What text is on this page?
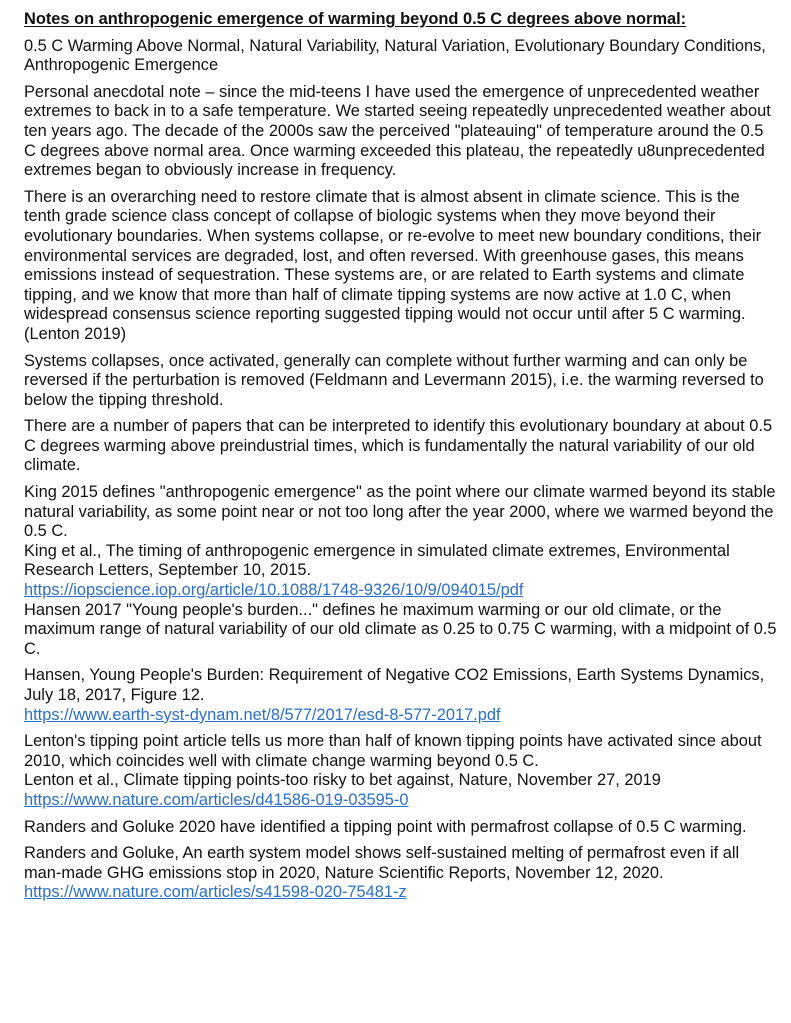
Notes on anthropogenic emergence of warming beyond 0.5 C degrees above normal:

0.5 C Warming Above Normal, Natural Variability, Natural Variation, Evolutionary Boundary Conditions, Anthropogenic Emergence

Personal anecdotal note – since the mid-teens I have used the emergence of unprecedented weather extremes to back in to a safe temperature. We started seeing repeatedly unprecedented weather about ten years ago. The decade of the 2000s saw the perceived "plateauing" of temperature around the 0.5 C degrees above normal area. Once warming exceeded this plateau, the repeatedly u8unprecedented extremes began to obviously increase in frequency.

There is an overarching need to restore climate that is almost absent in climate science. This is the tenth grade science class concept of collapse of biologic systems when they move beyond their evolutionary boundaries. When systems collapse, or re-evolve to meet new boundary conditions, their environmental services are degraded, lost, and often reversed. With greenhouse gases, this means emissions instead of sequestration. These systems are, or are related to Earth systems and climate tipping, and we know that more than half of climate tipping systems are now active at 1.0 C, when widespread consensus science reporting suggested tipping would not occur until after 5 C warming. (Lenton 2019)

Systems collapses, once activated, generally can complete without further warming and can only be reversed if the perturbation is removed (Feldmann and Levermann 2015), i.e. the warming reversed to below the tipping threshold.

There are a number of papers that can be interpreted to identify this evolutionary boundary at about 0.5 C degrees warming above preindustrial times, which is fundamentally the natural variability of our old climate.

King 2015 defines "anthropogenic emergence" as the point where our climate warmed beyond its stable natural variability, as some point near or not too long after the year 2000, where we warmed beyond the 0.5 C.

King et al., The timing of anthropogenic emergence in simulated climate extremes, Environmental Research Letters, September 10, 2015.

https://iopscience.iop.org/article/10.1088/1748-9326/10/9/094015/pdf

Hansen 2017 "Young people's burden..." defines he maximum warming or our old climate, or the maximum range of natural variability of our old climate as 0.25 to 0.75 C warming, with a midpoint of 0.5 C.

Hansen, Young People's Burden: Requirement of Negative CO2 Emissions, Earth Systems Dynamics, July 18, 2017, Figure 12.

https://www.earth-syst-dynam.net/8/577/2017/esd-8-577-2017.pdf

Lenton's tipping point article tells us more than half of known tipping points have activated since about 2010, which coincides well with climate change warming beyond 0.5 C.

Lenton et al., Climate tipping points-too risky to bet against, Nature, November 27, 2019

https://www.nature.com/articles/d41586-019-03595-0

Randers and Goluke 2020 have identified a tipping point with permafrost collapse of 0.5 C warming.

Randers and Goluke, An earth system model shows self-sustained melting of permafrost even if all man-made GHG emissions stop in 2020, Nature Scientific Reports, November 12, 2020. https://www.nature.com/articles/s41598-020-75481-z
